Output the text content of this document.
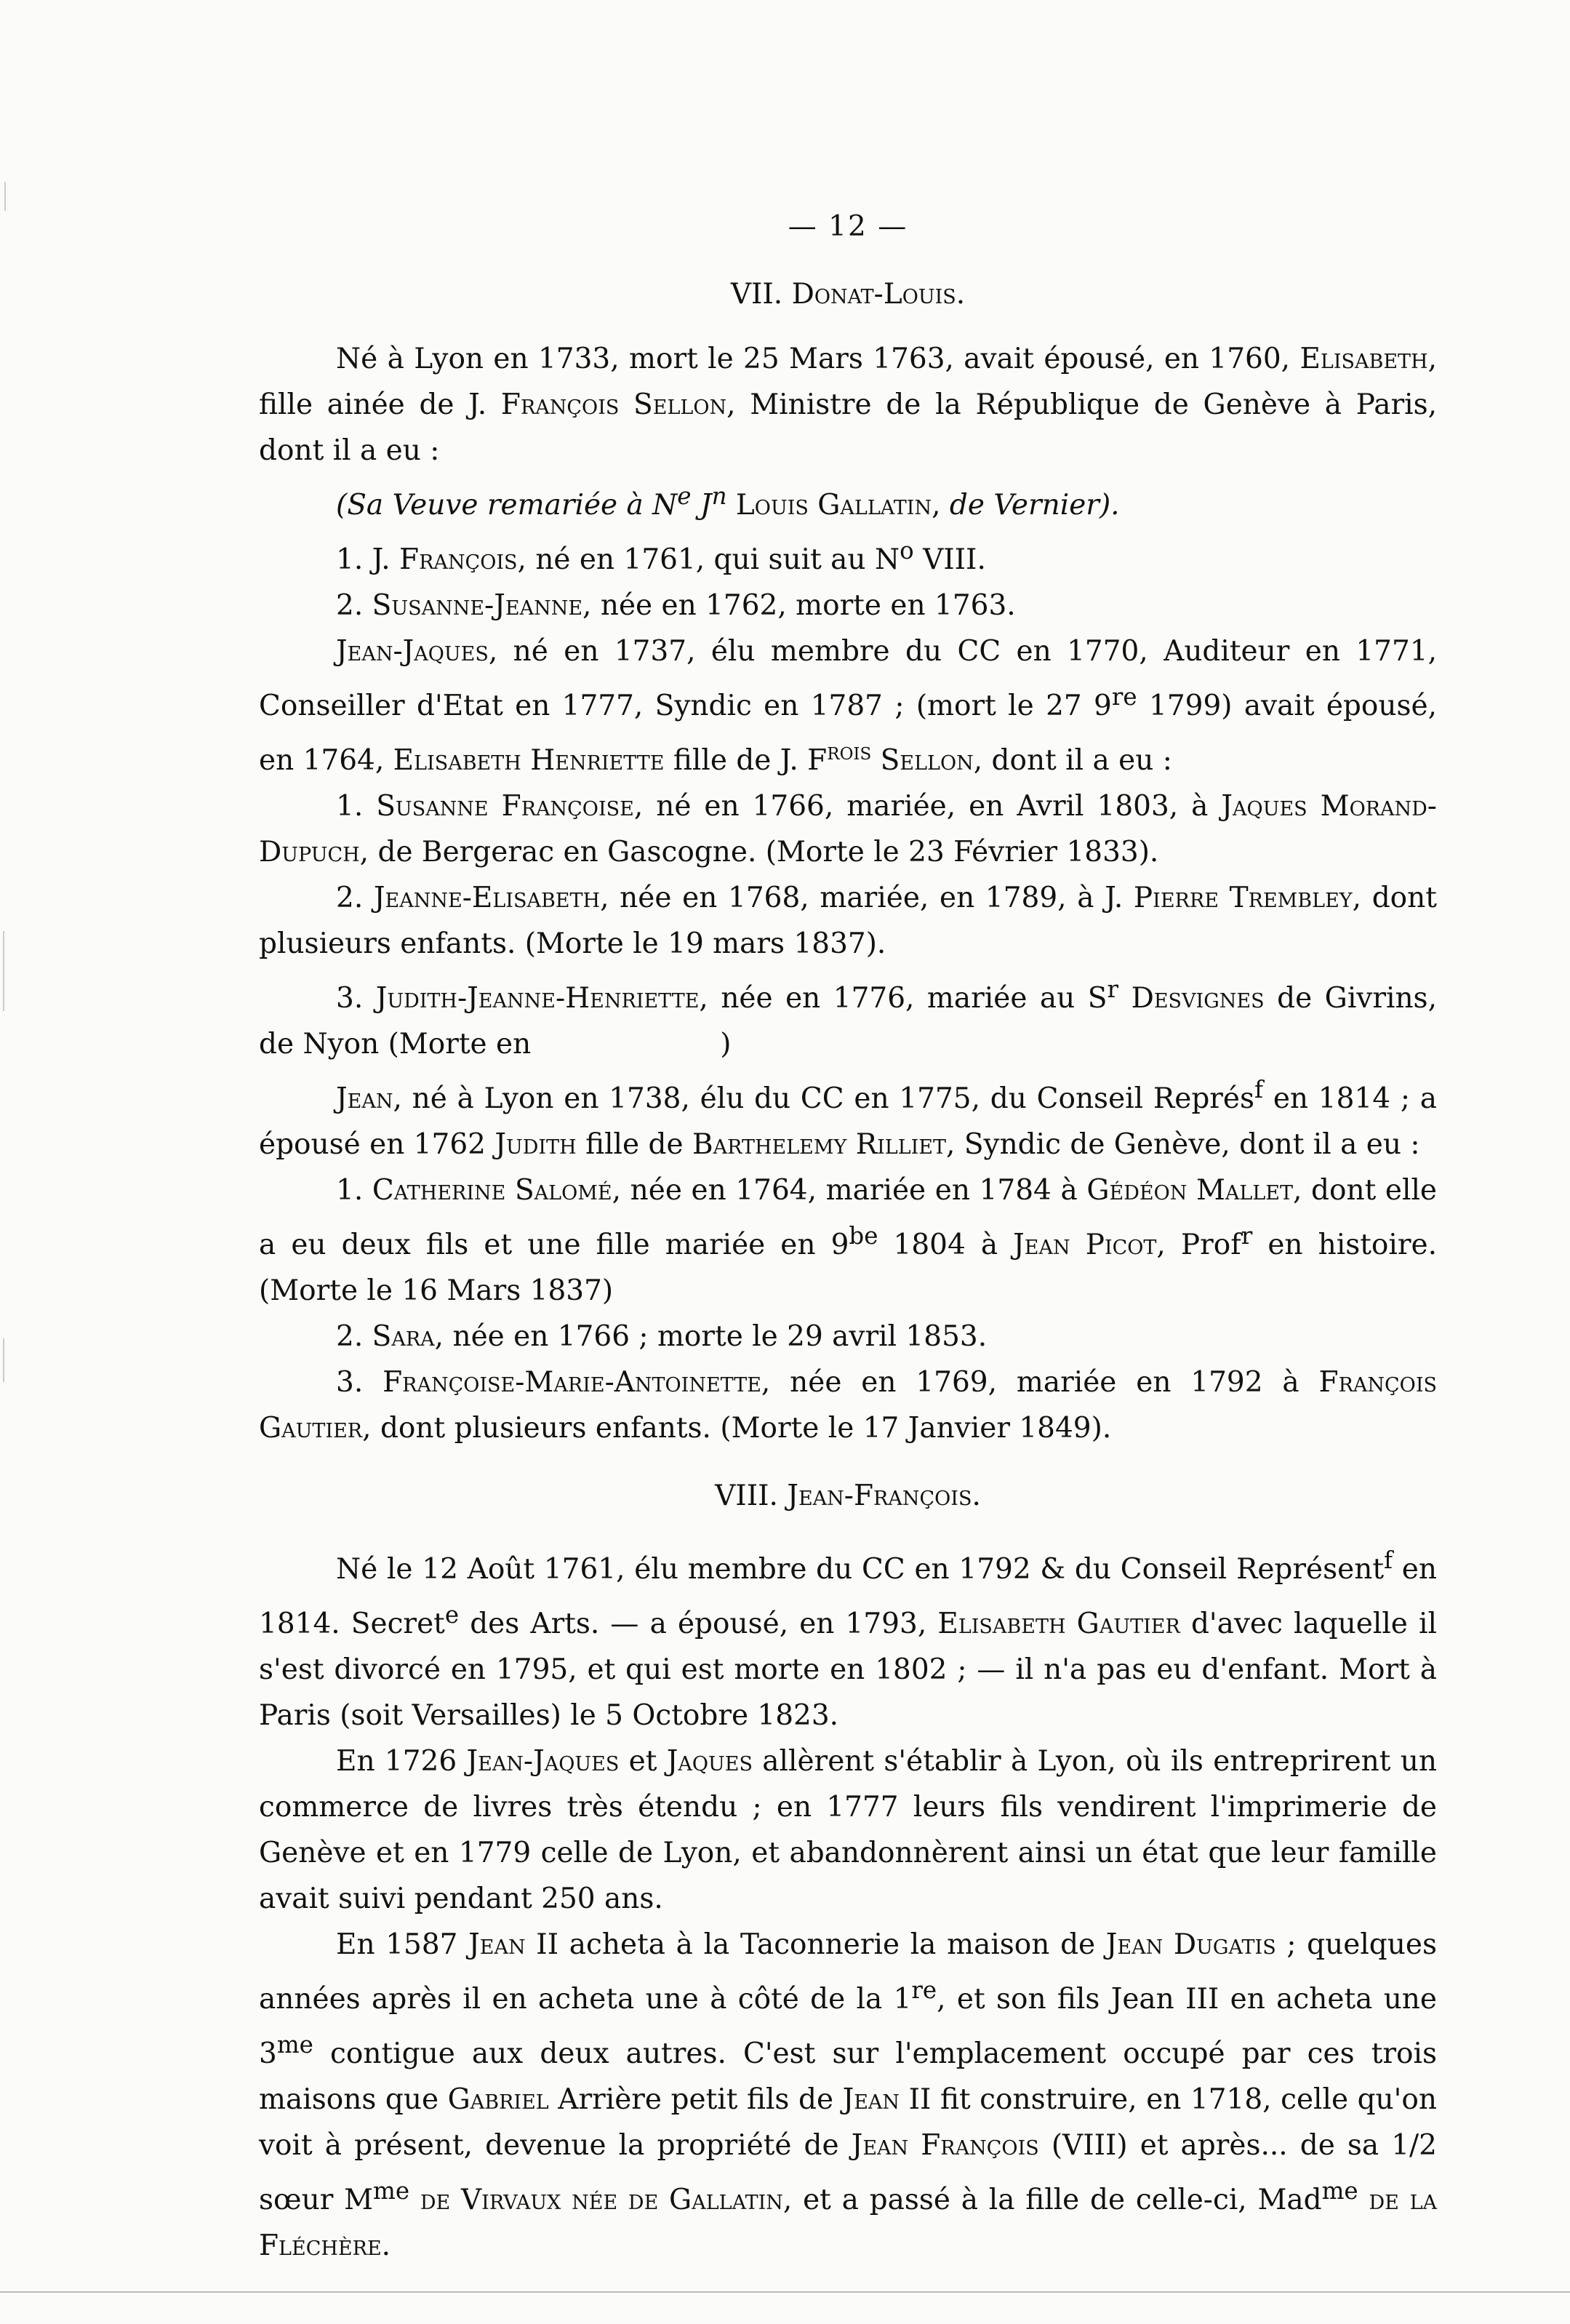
— 12 —

VII. Donat-Louis.

Né à Lyon en 1733, mort le 25 Mars 1763, avait épousé, en 1760, Elisabeth, fille ainée de J. François Sellon, Ministre de la République de Genève à Paris, dont il a eu :

(Sa Veuve remariée à $N^e$ $J^n$ Louis Gallatin, de Vernier).

1. J. François, né en 1761, qui suit au $N^o$ VIII.

2. Susanne-Jeanne, née en 1762, morte en 1763.

Jean-Jaques, né en 1737, élu membre du CC en 1770, Auditeur en 1771, Conseiller d'Etat en 1777, Syndic en 1787 ; (mort le 27 9re 1799) avait épousé, en 1764, Elisabeth Henriette fille de J. $F^{rois}$ Sellon, dont il a eu :

1. Susanne Françoise, né en 1766, mariée, en Avril 1803, à Jaques Morand-Dupuch, de Bergerac en Gascogne. (Morte le 23 Février 1833).

2. Jeanne-Elisabeth, née en 1768, mariée, en 1789, à J. Pierre Trembley, dont plusieurs enfants. (Morte le 19 mars 1837).

3. Judith-Jeanne-Henriette, née en 1776, mariée au $S^r$ Desvignes de Givrins, de Nyon (Morte en	)

Jean, né à Lyon en 1738, élu du CC en 1775, du Conseil Représ$^f$ en 1814 ; a épousé en 1762 Judith fille de Barthelemy Rilliet, Syndic de Genève, dont il a eu :

1. Catherine Salomé, née en 1764, mariée en 1784 à Gédéon Mallet, dont elle a eu deux fils et une fille mariée en $9^{be}$ 1804 à Jean Picot, Prof$^r$ en histoire. (Morte le 16 Mars 1837)

2. Sara, née en 1766 ; morte le 29 avril 1853.

3. Françoise-Marie-Antoinette, née en 1769, mariée en 1792 à François Gautier, dont plusieurs enfants. (Morte le 17 Janvier 1849).

VIII. Jean-François.

Né le 12 Août 1761, élu membre du CC en 1792 & du Conseil Représent$^f$ en 1814. Secret$^e$ des Arts. — a épousé, en 1793, Elisabeth Gautier d'avec laquelle il s'est divorcé en 1795, et qui est morte en 1802 ; — il n'a pas eu d'enfant. Mort à Paris (soit Versailles) le 5 Octobre 1823.

En 1726 Jean-Jaques et Jaques allèrent s'établir à Lyon, où ils entreprirent un commerce de livres très étendu ; en 1777 leurs fils vendirent l'imprimerie de Genève et en 1779 celle de Lyon, et abandonnèrent ainsi un état que leur famille avait suivi pendant 250 ans.

En 1587 Jean II acheta à la Taconnerie la maison de Jean Dugatis ; quelques années après il en acheta une à côté de la 1re, et son fils Jean III en acheta une $3^{me}$ contigue aux deux autres. C'est sur l'emplacement occupé par ces trois maisons que Gabriel Arrière petit fils de Jean II fit construire, en 1718, celle qu'on voit à présent, devenue la propriété de Jean François (VIII) et après... de sa 1/2 sœur $M^{me}$ de Virvaux née de Gallatin, et a passé à la fille de celle-ci, Mad$^{me}$ de la Fléchère.
